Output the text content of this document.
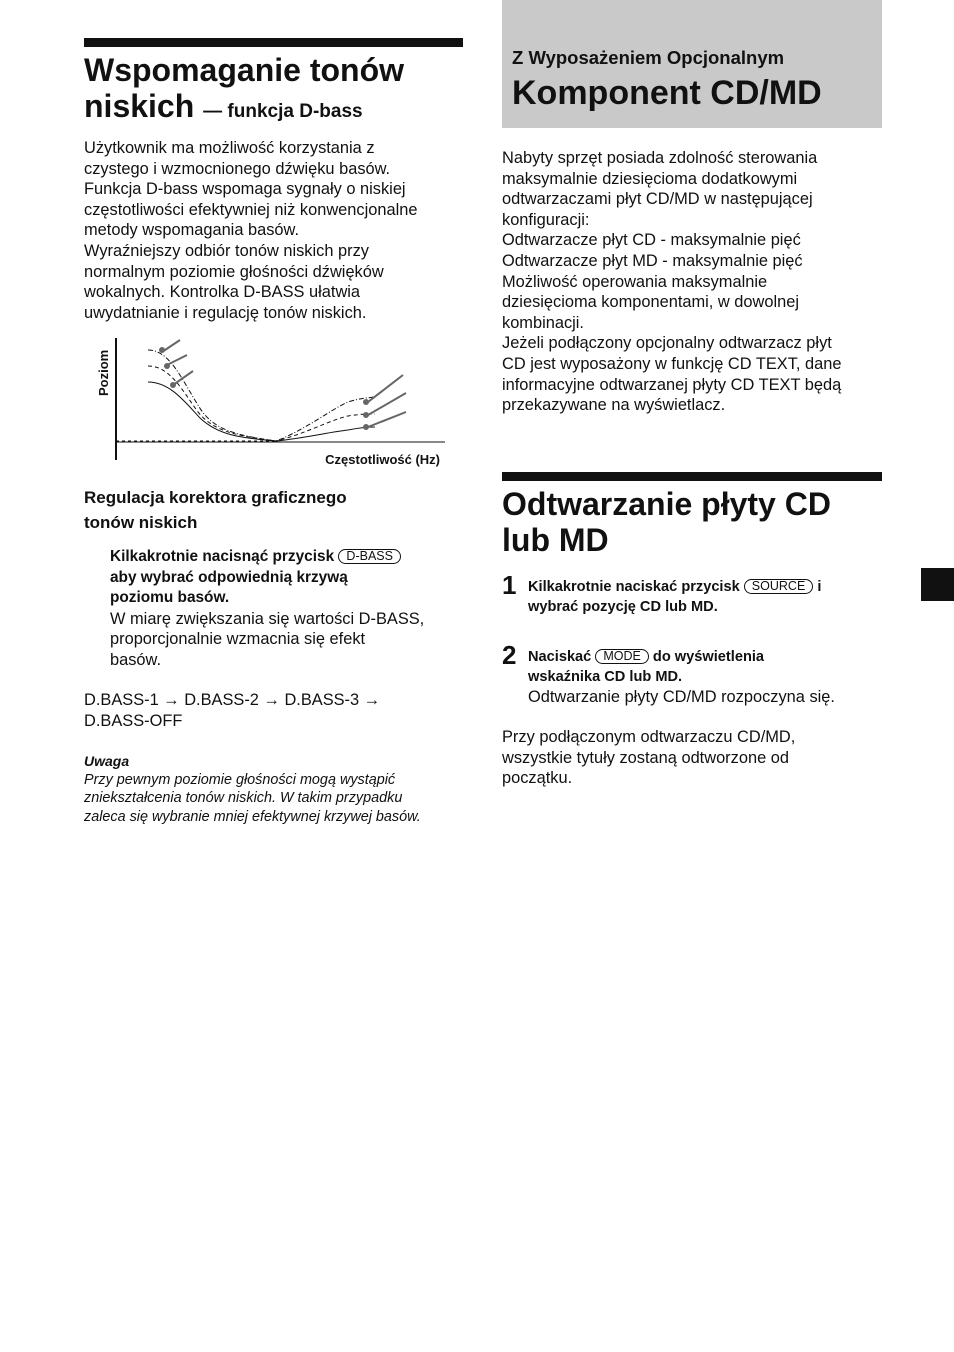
Wspomaganie tonów
niskich — funkcja D-bass
Użytkownik ma możliwość korzystania z
czystego i wzmocnionego dźwięku basów.
Funkcja D-bass wspomaga sygnały o niskiej
częstotliwości efektywniej niż konwencjonalne
metody wspomagania basów.
Wyraźniejszy odbiór tonów niskich przy
normalnym poziomie głośności dźwięków
wokalnych. Kontrolka D-BASS ułatwia
uwydatnianie i regulację tonów niskich.
Poziom
Częstotliwość (Hz)
Regulacja korektora graficznego
tonów niskich
Kilkakrotnie nacisnąć przycisk D-BASS
aby wybrać odpowiednią krzywą
poziomu basów.
W miarę zwiększania się wartości D-BASS,
proporcjonalnie wzmacnia się efekt
basów.
D.BASS-1 → D.BASS-2 → D.BASS-3 →
D.BASS-OFF
Uwaga
Przy pewnym poziomie głośności mogą wystąpić
zniekształcenia tonów niskich. W takim przypadku
zaleca się wybranie mniej efektywnej krzywej basów.
Z Wyposażeniem Opcjonalnym
Komponent CD/MD
Nabyty sprzęt posiada zdolność sterowania
maksymalnie dziesięcioma dodatkowymi
odtwarzaczami płyt CD/MD w następującej
konfiguracji:
Odtwarzacze płyt CD - maksymalnie pięć
Odtwarzacze płyt MD - maksymalnie pięć
Możliwość operowania maksymalnie
dziesięcioma komponentami, w dowolnej
kombinacji.
Jeżeli podłączony opcjonalny odtwarzacz płyt
CD jest wyposażony w funkcję CD TEXT, dane
informacyjne odtwarzanej płyty CD TEXT będą
przekazywane na wyświetlacz.
Odtwarzanie płyty CD
lub MD
1 Kilkakrotnie naciskać przycisk SOURCE i
wybrać pozycję CD lub MD.
2 Naciskać MODE do wyświetlenia
wskaźnika CD lub MD.
Odtwarzanie płyty CD/MD rozpoczyna się.
Przy podłączonym odtwarzaczu CD/MD,
wszystkie tytuły zostaną odtworzone od
początku.
